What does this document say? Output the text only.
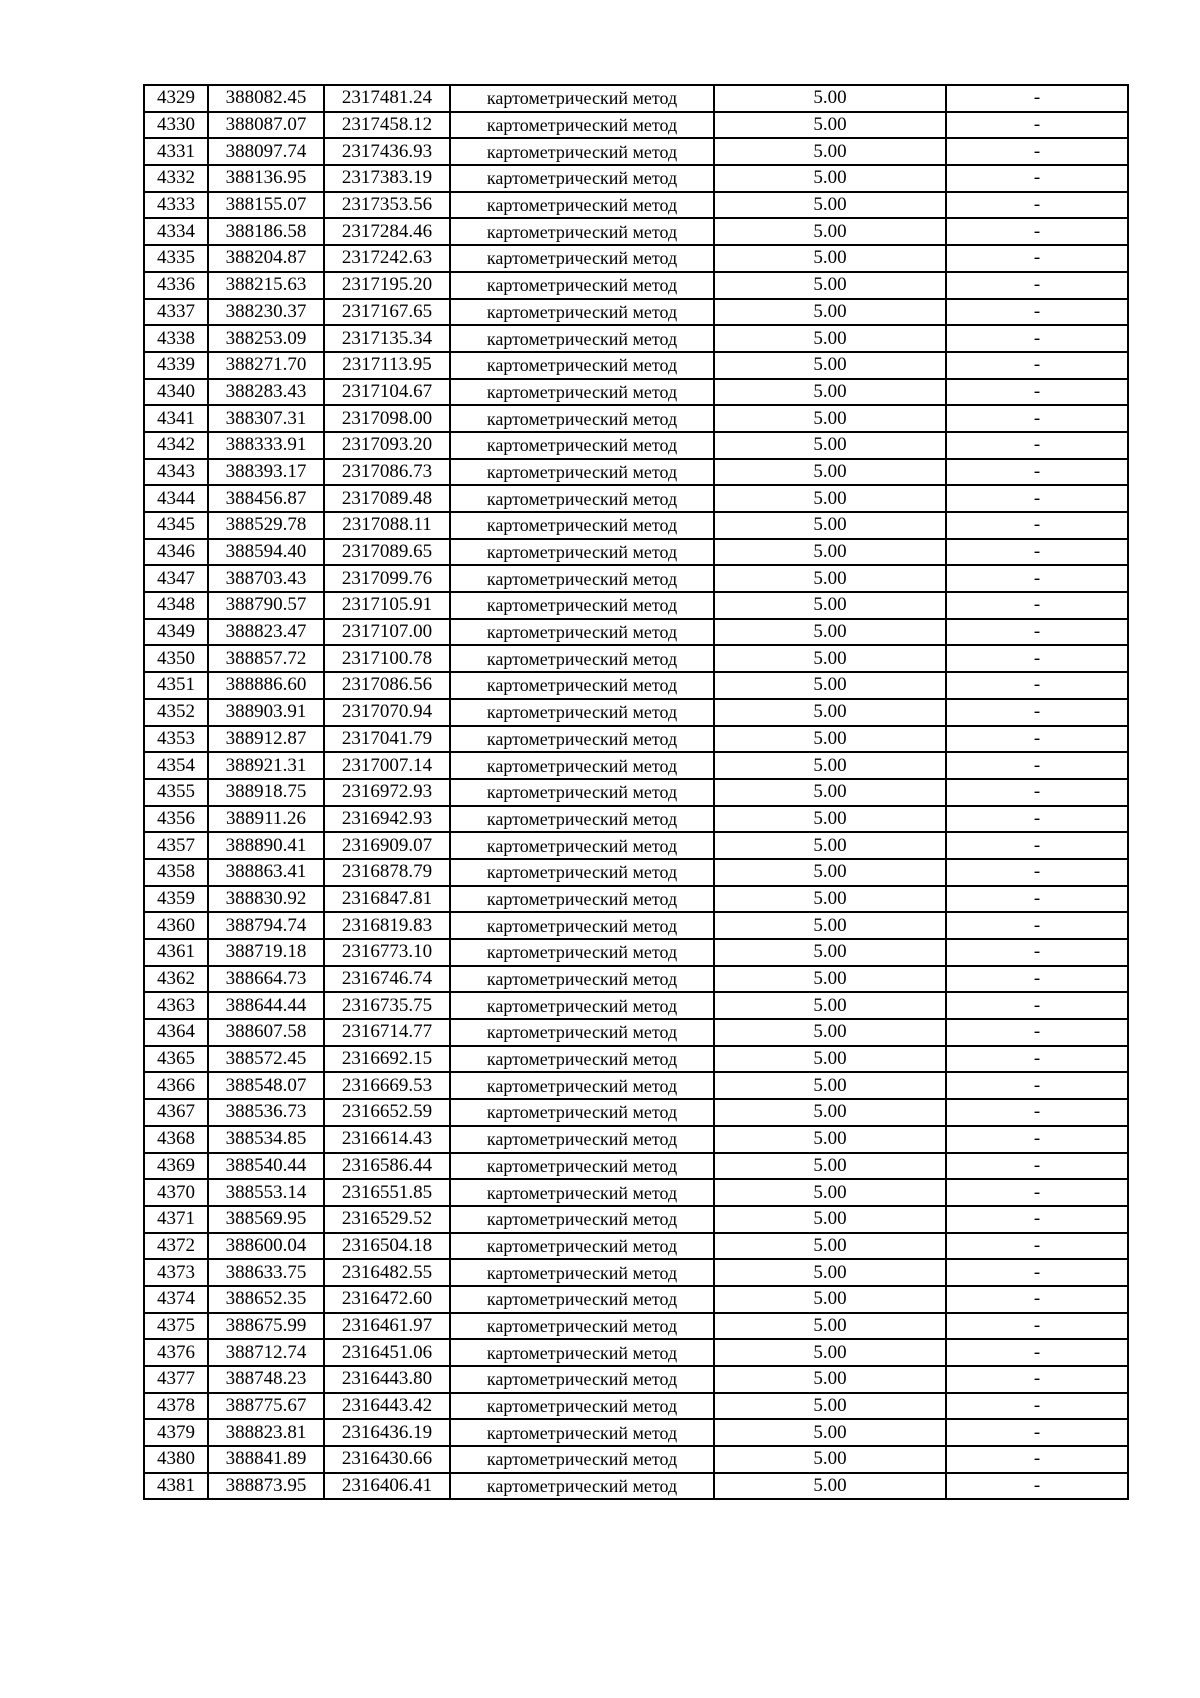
4329	388082.45	2317481.24	картометрический метод	5.00	-
4330	388087.07	2317458.12	картометрический метод	5.00	-
4331	388097.74	2317436.93	картометрический метод	5.00	-
4332	388136.95	2317383.19	картометрический метод	5.00	-
4333	388155.07	2317353.56	картометрический метод	5.00	-
4334	388186.58	2317284.46	картометрический метод	5.00	-
4335	388204.87	2317242.63	картометрический метод	5.00	-
4336	388215.63	2317195.20	картометрический метод	5.00	-
4337	388230.37	2317167.65	картометрический метод	5.00	-
4338	388253.09	2317135.34	картометрический метод	5.00	-
4339	388271.70	2317113.95	картометрический метод	5.00	-
4340	388283.43	2317104.67	картометрический метод	5.00	-
4341	388307.31	2317098.00	картометрический метод	5.00	-
4342	388333.91	2317093.20	картометрический метод	5.00	-
4343	388393.17	2317086.73	картометрический метод	5.00	-
4344	388456.87	2317089.48	картометрический метод	5.00	-
4345	388529.78	2317088.11	картометрический метод	5.00	-
4346	388594.40	2317089.65	картометрический метод	5.00	-
4347	388703.43	2317099.76	картометрический метод	5.00	-
4348	388790.57	2317105.91	картометрический метод	5.00	-
4349	388823.47	2317107.00	картометрический метод	5.00	-
4350	388857.72	2317100.78	картометрический метод	5.00	-
4351	388886.60	2317086.56	картометрический метод	5.00	-
4352	388903.91	2317070.94	картометрический метод	5.00	-
4353	388912.87	2317041.79	картометрический метод	5.00	-
4354	388921.31	2317007.14	картометрический метод	5.00	-
4355	388918.75	2316972.93	картометрический метод	5.00	-
4356	388911.26	2316942.93	картометрический метод	5.00	-
4357	388890.41	2316909.07	картометрический метод	5.00	-
4358	388863.41	2316878.79	картометрический метод	5.00	-
4359	388830.92	2316847.81	картометрический метод	5.00	-
4360	388794.74	2316819.83	картометрический метод	5.00	-
4361	388719.18	2316773.10	картометрический метод	5.00	-
4362	388664.73	2316746.74	картометрический метод	5.00	-
4363	388644.44	2316735.75	картометрический метод	5.00	-
4364	388607.58	2316714.77	картометрический метод	5.00	-
4365	388572.45	2316692.15	картометрический метод	5.00	-
4366	388548.07	2316669.53	картометрический метод	5.00	-
4367	388536.73	2316652.59	картометрический метод	5.00	-
4368	388534.85	2316614.43	картометрический метод	5.00	-
4369	388540.44	2316586.44	картометрический метод	5.00	-
4370	388553.14	2316551.85	картометрический метод	5.00	-
4371	388569.95	2316529.52	картометрический метод	5.00	-
4372	388600.04	2316504.18	картометрический метод	5.00	-
4373	388633.75	2316482.55	картометрический метод	5.00	-
4374	388652.35	2316472.60	картометрический метод	5.00	-
4375	388675.99	2316461.97	картометрический метод	5.00	-
4376	388712.74	2316451.06	картометрический метод	5.00	-
4377	388748.23	2316443.80	картометрический метод	5.00	-
4378	388775.67	2316443.42	картометрический метод	5.00	-
4379	388823.81	2316436.19	картометрический метод	5.00	-
4380	388841.89	2316430.66	картометрический метод	5.00	-
4381	388873.95	2316406.41	картометрический метод	5.00	-
